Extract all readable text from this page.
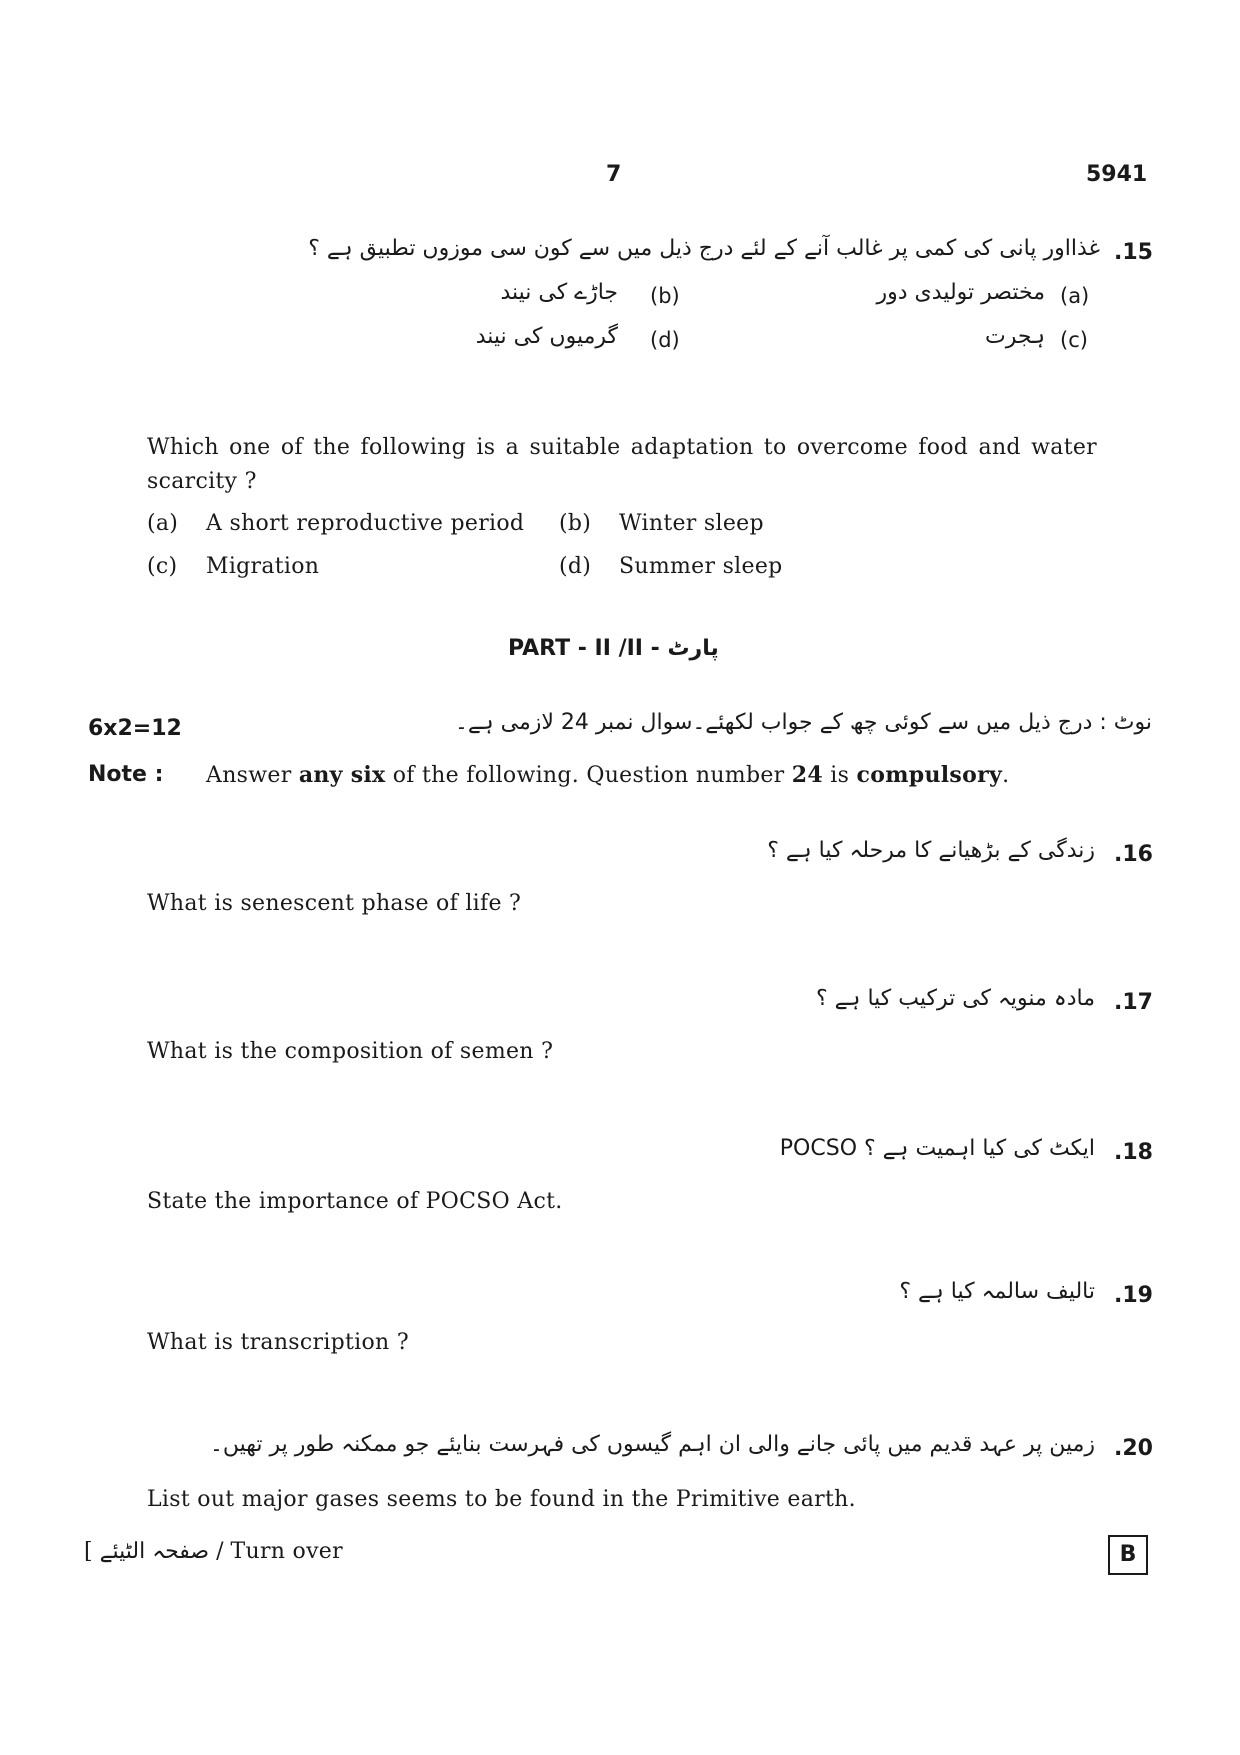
7	5941
.15
غذااور پانی کی کمی پر غالب آنے کے لئے درج ذیل میں سے کون سی موزوں تطبیق ہے ؟
(a)
مختصر تولیدی دور
(b)
جاڑے کی نیند
(c)
ہجرت
(d)
گرمیوں کی نیند
Which one of the following is a suitable adaptation to overcome food and water scarcity ?
(a) A short reproductive period (b) Winter sleep
(c) Migration	(d) Summer sleep
PART - II /II - پارٹ
6x2=12	نوٹ : درج ذیل میں سے کوئی چھ کے جواب لکھئے۔سوال نمبر 24 لازمی ہے۔
Note : Answer any six of the following. Question number 24 is compulsory.
.16
زندگی کے بڑھیانے کا مرحلہ کیا ہے ؟
What is senescent phase of life ?
.17
مادہ منویہ کی ترکیب کیا ہے ؟
What is the composition of semen ?
.18
POCSO ایکٹ کی کیا اہمیت ہے ؟
State the importance of POCSO Act.
.19
تالیف سالمہ کیا ہے ؟
What is transcription ?
.20
زمین پر عہد قدیم میں پائی جانے والی ان اہم گیسوں کی فہرست بنایئے جو ممکنہ طور پر تھیں۔
List out major gases seems to be found in the Primitive earth.
[ صفحہ الٹیئے / Turn over	B
